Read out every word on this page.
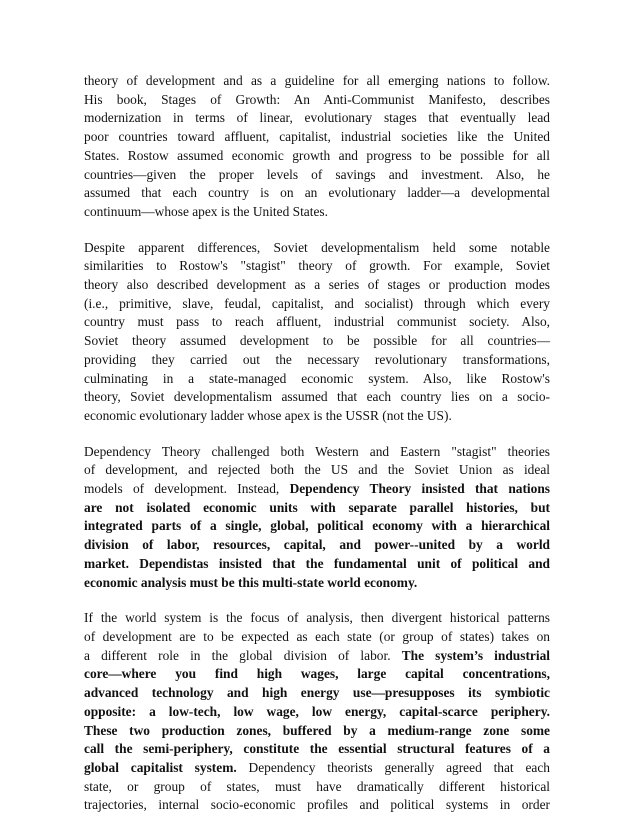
theory of development and as a guideline for all emerging nations to follow.
His book, Stages of Growth: An Anti-Communist Manifesto, describes
modernization in terms of linear, evolutionary stages that eventually lead
poor countries toward affluent, capitalist, industrial societies like the United
States. Rostow assumed economic growth and progress to be possible for all
countries—given the proper levels of savings and investment. Also, he
assumed that each country is on an evolutionary ladder—a developmental
continuum—whose apex is the United States.
Despite apparent differences, Soviet developmentalism held some notable
similarities to Rostow's "stagist" theory of growth. For example, Soviet
theory also described development as a series of stages or production modes
(i.e., primitive, slave, feudal, capitalist, and socialist) through which every
country must pass to reach affluent, industrial communist society. Also,
Soviet theory assumed development to be possible for all countries—
providing they carried out the necessary revolutionary transformations,
culminating in a state-managed economic system. Also, like Rostow's
theory, Soviet developmentalism assumed that each country lies on a socio-
economic evolutionary ladder whose apex is the USSR (not the US).
Dependency Theory challenged both Western and Eastern "stagist" theories
of development, and rejected both the US and the Soviet Union as ideal
models of development. Instead, Dependency Theory insisted that nations
are not isolated economic units with separate parallel histories, but
integrated parts of a single, global, political economy with a hierarchical
division of labor, resources, capital, and power--united by a world
market. Dependistas insisted that the fundamental unit of political and
economic analysis must be this multi-state world economy.
If the world system is the focus of analysis, then divergent historical patterns
of development are to be expected as each state (or group of states) takes on
a different role in the global division of labor. The system’s industrial
core—where you find high wages, large capital concentrations,
advanced technology and high energy use—presupposes its symbiotic
opposite: a low-tech, low wage, low energy, capital-scarce periphery.
These two production zones, buffered by a medium-range zone some
call the semi-periphery, constitute the essential structural features of a
global capitalist system. Dependency theorists generally agreed that each
state, or group of states, must have dramatically different historical
trajectories, internal socio-economic profiles and political systems in order
